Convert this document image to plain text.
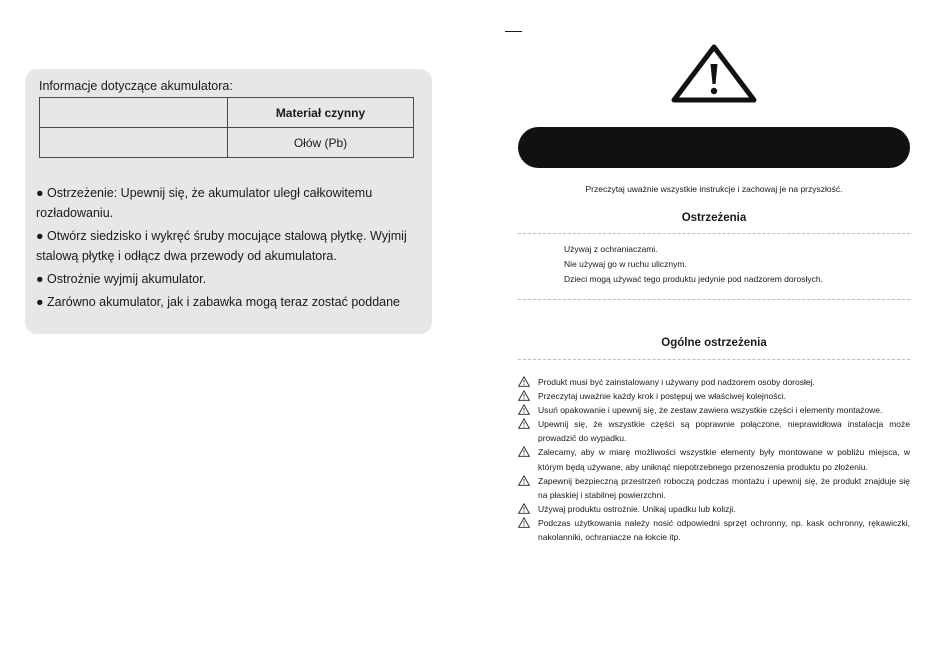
Informacje dotyczące akumulatora:
	Materiał czynny
	Ołów (Pb)

● Ostrzeżenie: Upewnij się, że akumulator uległ całkowitemu rozładowaniu.

● Otwórz siedzisko i wykręć śruby mocujące stalową płytkę. Wyjmij stalową płytkę i odłącz dwa przewody od akumulatora.

● Ostrożnie wyjmij akumulator.

● Zarówno akumulator, jak i zabawka mogą teraz zostać poddane

Przeczytaj uważnie wszystkie instrukcje i zachowaj je na przyszłość.
Ostrzeżenia
Używaj z ochraniaczami.
Nie używaj go w ruchu ulicznym.
Dzieci mogą używać tego produktu jedynie pod nadzorem dorosłych.
Ogólne ostrzeżenia
Produkt musi być zainstalowany i używany pod nadzorem osoby dorosłej.
Przeczytaj uważnie każdy krok i postępuj we właściwej kolejności.
Usuń opakowanie i upewnij się, że zestaw zawiera wszystkie części i elementy montażowe.
Upewnij się, że wszystkie części są poprawnie połączone, nieprawidłowa instalacja może prowadzić do wypadku.
Zalecamy, aby w miarę możliwości wszystkie elementy były montowane w pobliżu miejsca, w którym będą używane, aby uniknąć niepotrzebnego przenoszenia produktu po złożeniu.
Zapewnij bezpieczną przestrzeń roboczą podczas montażu i upewnij się, że produkt znajduje się na płaskiej i stabilnej powierzchni.
Używaj produktu ostrożnie. Unikaj upadku lub kolizji.
Podczas użytkowania należy nosić odpowiedni sprzęt ochronny, np. kask ochronny, rękawiczki, nakolanniki, ochraniacze na łokcie itp.
